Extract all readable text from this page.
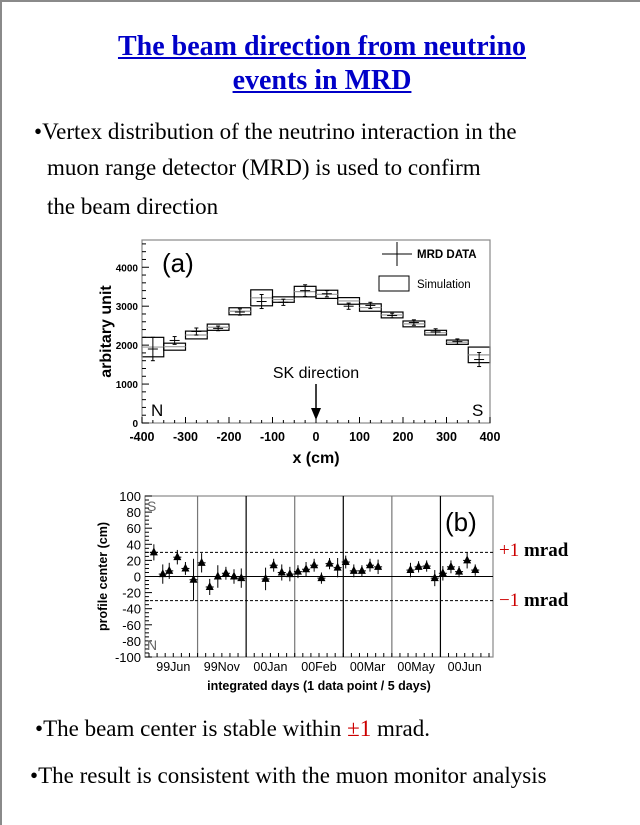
The beam direction from neutrino
events in MRD
•Vertex distribution of the neutrino interaction in the
muon range detector (MRD) is used to confirm
the beam direction
0
1000
2000
3000
4000
-400 -300 -200 -100 0 100 200 300 400
x (cm)
arbitary unit
(a)
N	S
SK direction
MRD DATA
Simulation
100
80
60
40
20
0
-20
-40
-60
-80
-100
99Jun 99Nov 00Jan 00Feb 00Mar 00May 00Jun
integrated days (1 data point / 5 days)
profile center (cm)	(b)
S
N
+1 mrad
−1 mrad
•The beam center is stable within ±1 mrad.
•The result is consistent with the muon monitor analysis
